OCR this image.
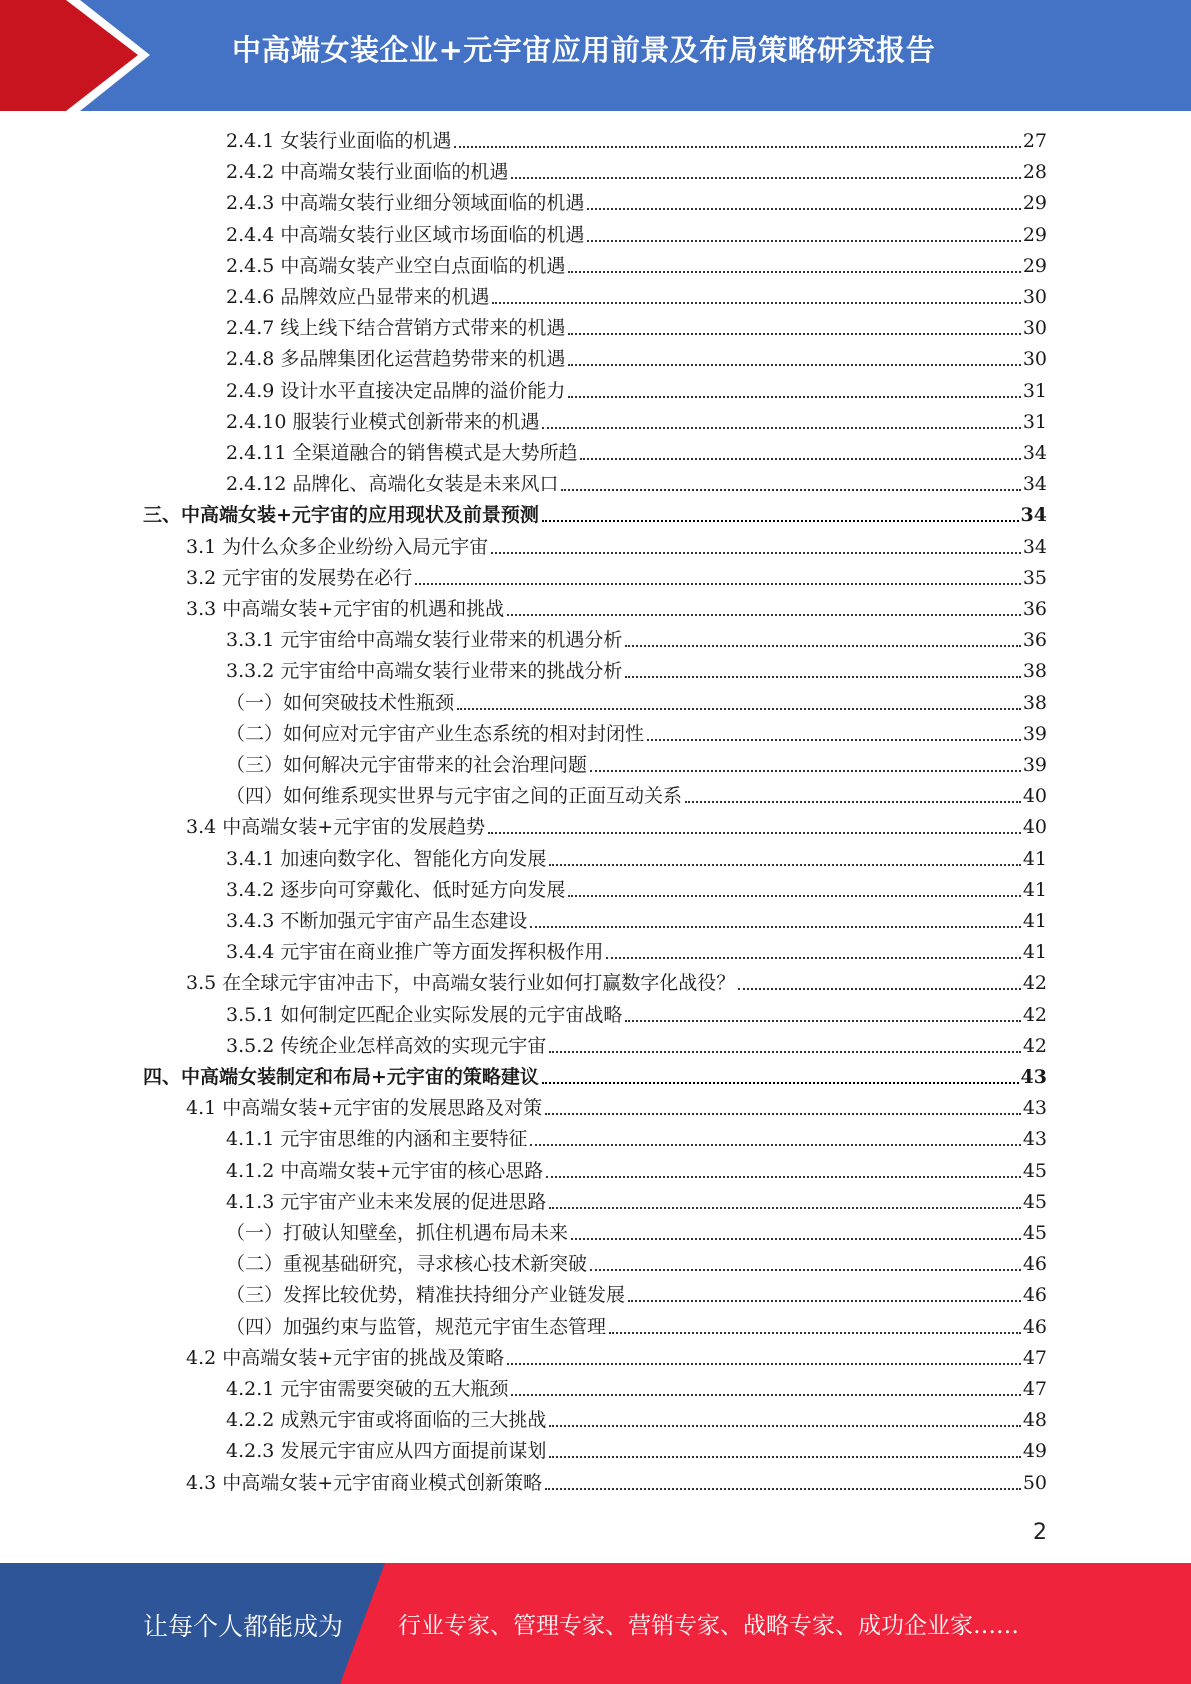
中高端女装企业+元宇宙应用前景及布局策略研究报告
2.4.1 女装行业面临的机遇	27
2.4.2 中高端女装行业面临的机遇	28
2.4.3 中高端女装行业细分领域面临的机遇	29
2.4.4 中高端女装行业区域市场面临的机遇	29
2.4.5 中高端女装产业空白点面临的机遇	29
2.4.6 品牌效应凸显带来的机遇	30
2.4.7 线上线下结合营销方式带来的机遇	30
2.4.8 多品牌集团化运营趋势带来的机遇	30
2.4.9 设计水平直接决定品牌的溢价能力	31
2.4.10 服装行业模式创新带来的机遇	31
2.4.11 全渠道融合的销售模式是大势所趋	34
2.4.12 品牌化、高端化女装是未来风口	34
三、中高端女装+元宇宙的应用现状及前景预测	34
3.1 为什么众多企业纷纷入局元宇宙	34
3.2 元宇宙的发展势在必行	35
3.3 中高端女装+元宇宙的机遇和挑战	36
3.3.1 元宇宙给中高端女装行业带来的机遇分析	36
3.3.2 元宇宙给中高端女装行业带来的挑战分析	38
（一）如何突破技术性瓶颈	38
（二）如何应对元宇宙产业生态系统的相对封闭性	39
（三）如何解决元宇宙带来的社会治理问题	39
（四）如何维系现实世界与元宇宙之间的正面互动关系	40
3.4 中高端女装+元宇宙的发展趋势	40
3.4.1 加速向数字化、智能化方向发展	41
3.4.2 逐步向可穿戴化、低时延方向发展	41
3.4.3 不断加强元宇宙产品生态建设	41
3.4.4 元宇宙在商业推广等方面发挥积极作用	41
3.5 在全球元宇宙冲击下，中高端女装行业如何打赢数字化战役？	42
3.5.1 如何制定匹配企业实际发展的元宇宙战略	42
3.5.2 传统企业怎样高效的实现元宇宙	42
四、中高端女装制定和布局+元宇宙的策略建议	43
4.1 中高端女装+元宇宙的发展思路及对策	43
4.1.1 元宇宙思维的内涵和主要特征	43
4.1.2 中高端女装+元宇宙的核心思路	45
4.1.3 元宇宙产业未来发展的促进思路	45
（一）打破认知壁垒，抓住机遇布局未来	45
（二）重视基础研究，寻求核心技术新突破	46
（三）发挥比较优势，精准扶持细分产业链发展	46
（四）加强约束与监管，规范元宇宙生态管理	46
4.2 中高端女装+元宇宙的挑战及策略	47
4.2.1 元宇宙需要突破的五大瓶颈	47
4.2.2 成熟元宇宙或将面临的三大挑战	48
4.2.3 发展元宇宙应从四方面提前谋划	49
4.3 中高端女装+元宇宙商业模式创新策略	50
2
让每个人都能成为 行业专家、管理专家、营销专家、战略专家、成功企业家……
